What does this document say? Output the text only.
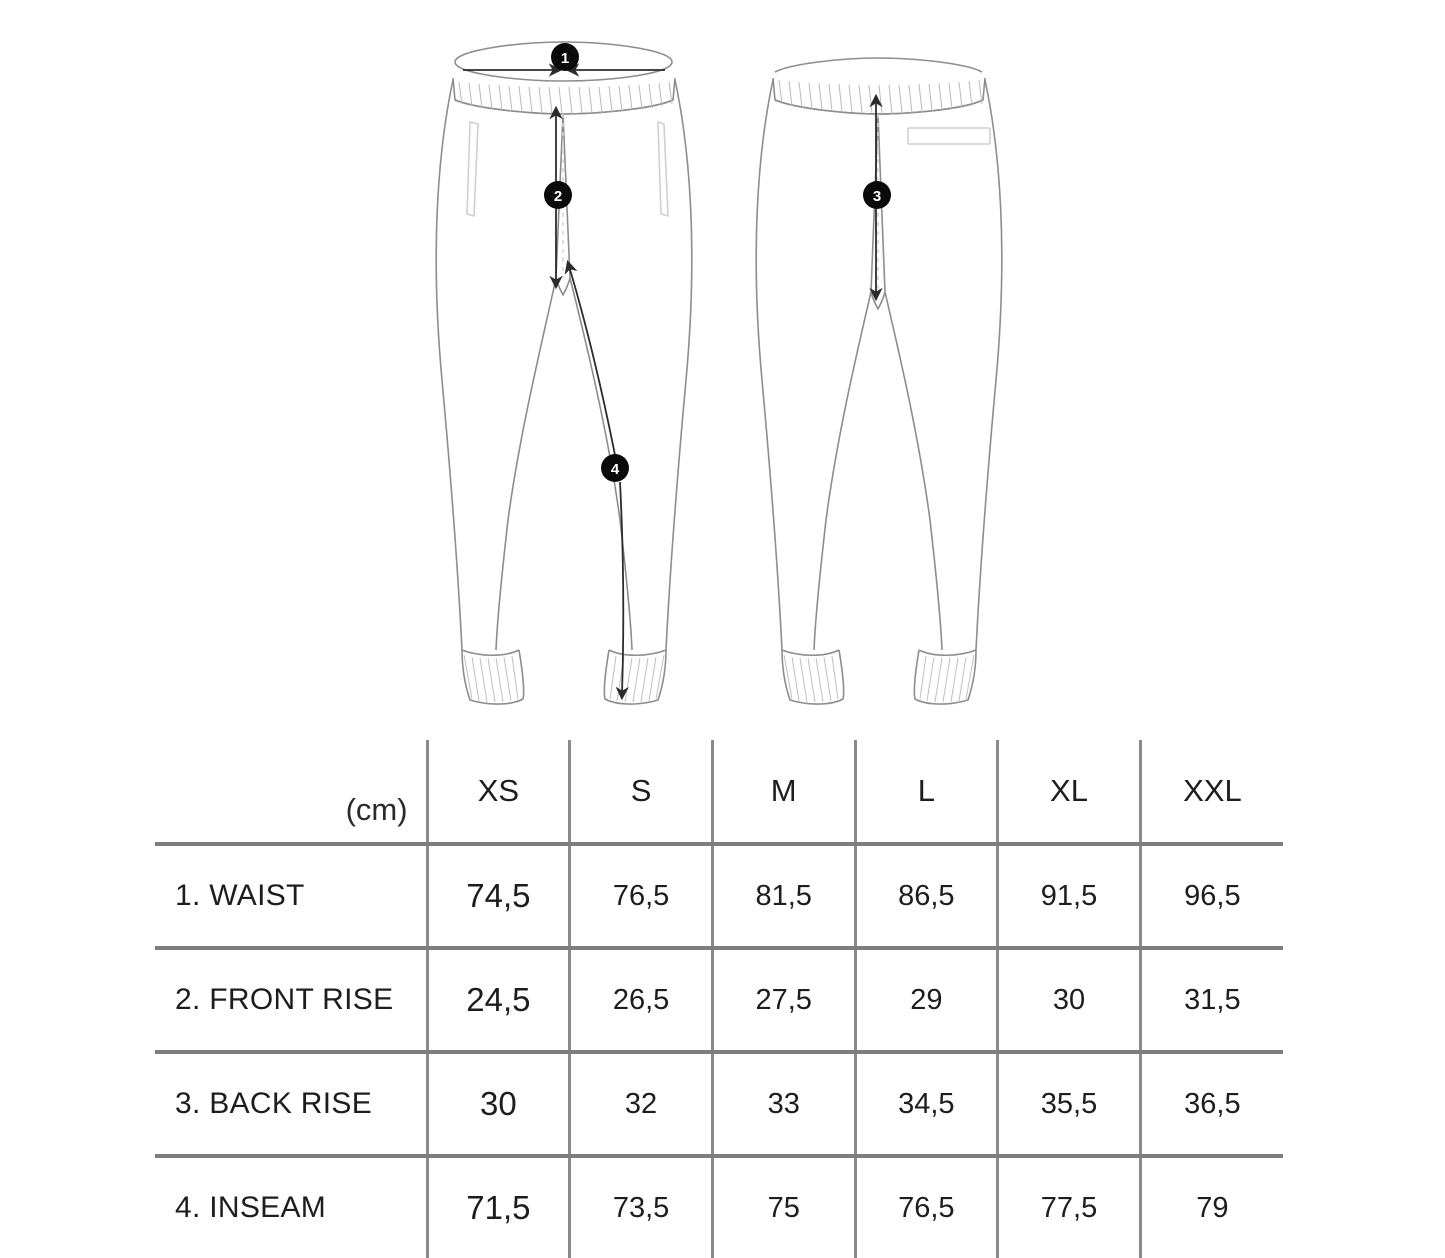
1
2	3
4
(cm)	XS	S	M	L	XL	XXL
1. WAIST	74,5	76,5	81,5	86,5	91,5	96,5
2. FRONT RISE	24,5	26,5	27,5	29	30	31,5
3. BACK RISE	30	32	33	34,5	35,5	36,5
4. INSEAM	71,5	73,5	75	76,5	77,5	79
